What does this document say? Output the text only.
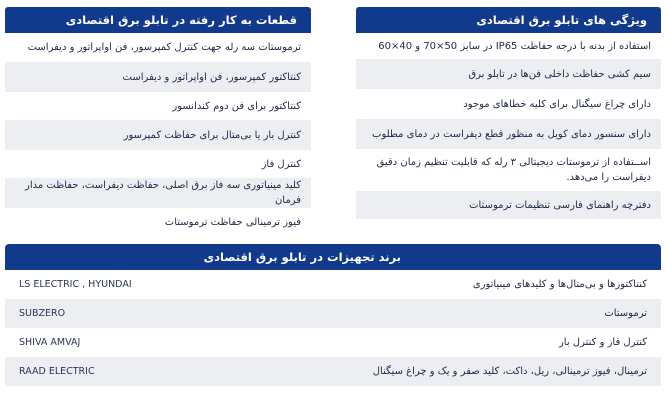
ویژگی های تابلو برق اقتصادی
استفاده از بدنه با درجه حفاظت IP65 در سایز 50×70 و 40×60
سیم کشی حفاظت داخلی فن‌ها در تابلو برق
دارای چراغ سیگنال برای کلیه خطاهای موجود
دارای سنسور دمای کویل به منظور قطع دیفراست در دمای مطلوب
اســتفاده از ترموستات دیجیتالی ۳ رله که قابلیت تنظیم زمان دقیق دیفراست را می‌دهد.
دفترچه راهنمای فارسی تنظیمات ترموستات
قطعات به کار رفته در تابلو برق اقتصادی
ترموستات سه رله جهت کنترل کمپرسور، فن اواپراتور و دیفراست
کنتاکتور کمپرسور، فن اواپراتور و دیفراست
کنتاکتور برای فن دوم کندانسور
کنترل بار یا بی‌متال برای حفاظت کمپرسور
کنترل فاز
کلید مینیاتوری سه فاز برق اصلی، حفاظت دیفراست، حفاظت مدار فرمان
فیوز ترمینالی حفاظت ترموستات
برند تجهیزات در تابلو برق اقتصادی
کنتاکتورها و بی‌متال‌ها و کلیدهای مینیاتوری
LS ELECTRIC , HYUNDAI
ترموستات
SUBZERO
کنترل فاز و کنترل بار
SHIVA AMVAJ
ترمینال، فیوز ترمینالی، ریل، داکت، کلید صفر و یک و چراغ سیگنال
RAAD ELECTRIC
